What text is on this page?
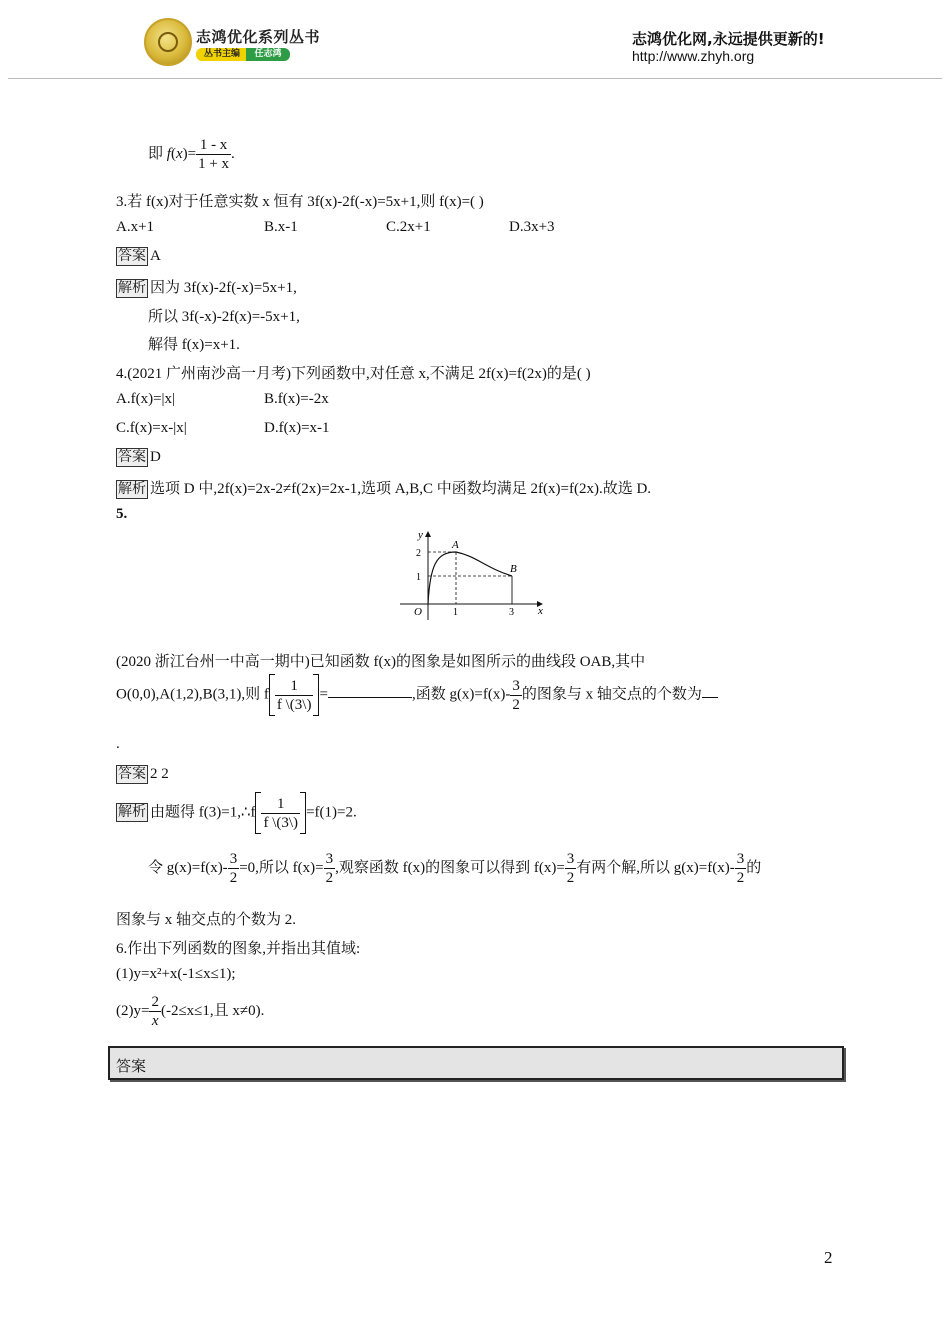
志鸿优化系列丛书
丛书主编	任志鸿
志鸿优化网,永远提供更新的!
http://www.zhyh.org
即 $f(x)= \frac{1 - x}{1 + x}$ .
3.若 f(x)对于任意实数 x 恒有 3f(x)-2f(-x)=5x+1,则 f(x)=( )
A.x+1	B.x-1	C.2x+1	D.3x+3
答案 A
解析 因为 3f(x)-2f(-x)=5x+1,
所以 3f(-x)-2f(x)=-5x+1,
解得 f(x)=x+1.
4.(2021 广州南沙高一月考)下列函数中,对任意 x,不满足 2f(x)=f(2x)的是( )
A.f(x)=|x|	B.f(x)=-2x
C.f(x)=x-|x|	D.f(x)=x-1
答案 D
解析 选项 D 中,2f(x)=2x-2≠f(2x)=2x-1,选项 A,B,C 中函数均满足 2f(x)=f(2x).故选 D.
5.
y
x
O
A
B
2
1
1	3
(2020 浙江台州一中高一期中)已知函数 f(x)的图象是如图所示的曲线段 OAB,其中
O(0,0),A(1,2),B(3,1),则 f $\frac{1}{f \backslash(3\backslash)}$ =	,函数 $g(x)=f(x)- \frac{3}{2}$ 的图象与 x 轴交点的个数为
.
答案 2 2
解析 由题得 f(3)=1,∴f $\frac{1}{f \backslash(3\backslash)} =f(1)=2$.
令 $g(x)=f(x)- \frac{3}{2} =0$,所以 $f(x)= \frac{3}{2}$ ,观察函数 f(x)的图象可以得到 $f(x)= \frac{3}{2}$ 有两个解,所以 $g(x)=f(x)- \frac{3}{2}$ 的
图象与 x 轴交点的个数为 2.
6.作出下列函数的图象,并指出其值域:
(1)y=x²+x(-1≤x≤1);
$(2)y= \frac{2}{x} (-2\le x\le 1$,且 x≠0).
答案
2
